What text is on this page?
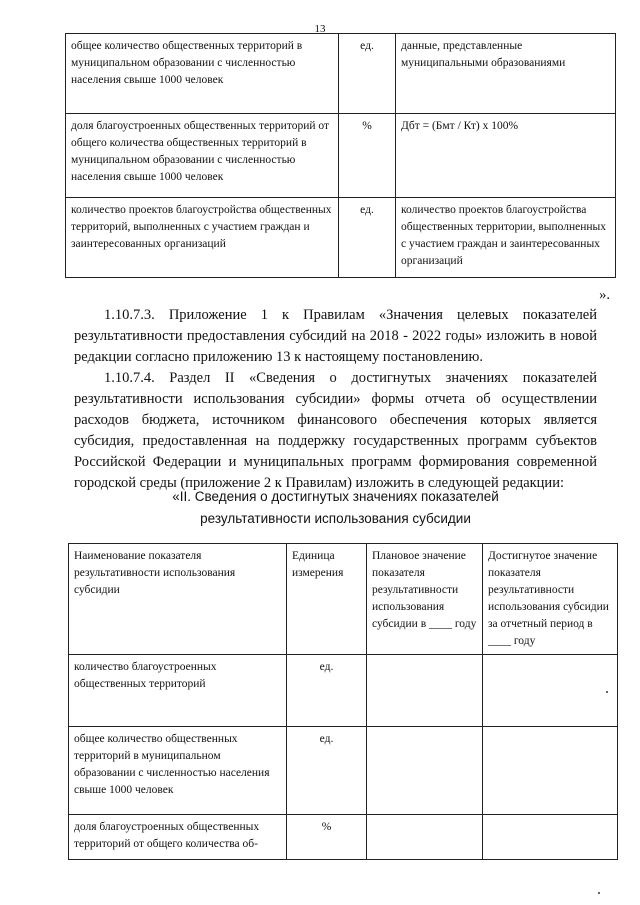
13
общее количество общественных территорий в муниципальном образовании с численностью населения свыше 1000 человек	ед.	данные, представленные муниципальными образованиями
доля благоустроенных общественных территорий от общего количества общественных территорий в муниципальном образовании с численностью населения свыше 1000 человек	%	Дбт = (Бмт / Кт) х 100%
количество проектов благоустройства общественных территорий, выполненных с участием граждан и заинтересованных организаций	ед.	количество проектов благоустройства общественных территории, выполненных с участием граждан и заинтересованных организаций
».
1.10.7.3. Приложение 1 к Правилам «Значения целевых показателей результативности предоставления субсидий на 2018 - 2022 годы» изложить в новой редакции согласно приложению 13 к настоящему постановлению.
1.10.7.4. Раздел II «Сведения о достигнутых значениях показателей результативности использования субсидии» формы отчета об осуществлении расходов бюджета, источником финансового обеспечения которых является субсидия, предоставленная на поддержку государственных программ субъектов Российской Федерации и муниципальных программ формирования современной городской среды (приложение 2 к Правилам) изложить в следующей редакции:
«II. Сведения о достигнутых значениях показателей
результативности использования субсидии
Наименование показателя результативности использования субсидии	Единица измерения	Плановое значение показателя результативности использования субсидии в ____ году	Достигнутое значение показателя результативности использования субсидии за отчетный период в ____ году
количество благоустроенных общественных территорий	ед.		
общее количество общественных территорий в муниципальном образовании с численностью населения свыше 1000 человек	ед.		
доля благоустроенных общественных территорий от общего количества об-	%		
